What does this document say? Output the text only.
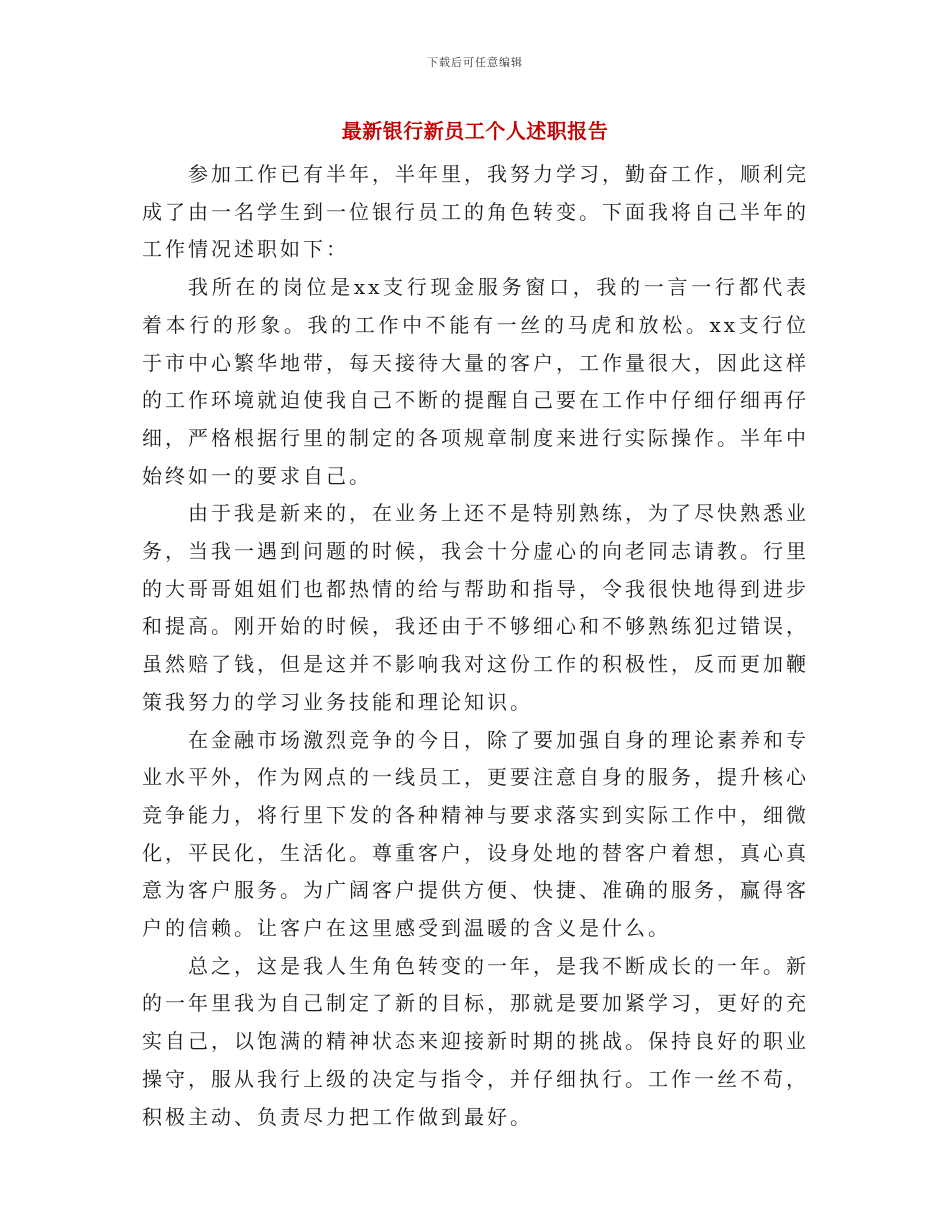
下载后可任意编辑
最新银行新员工个人述职报告

参加工作已有半年，半年里，我努力学习，勤奋工作，顺利完成了由一名学生到一位银行员工的角色转变。下面我将自己半年的工作情况述职如下：

我所在的岗位是xx支行现金服务窗口，我的一言一行都代表着本行的形象。我的工作中不能有一丝的马虎和放松。xx支行位于市中心繁华地带，每天接待大量的客户，工作量很大，因此这样的工作环境就迫使我自己不断的提醒自己要在工作中仔细仔细再仔细，严格根据行里的制定的各项规章制度来进行实际操作。半年中始终如一的要求自己。

由于我是新来的，在业务上还不是特别熟练，为了尽快熟悉业务，当我一遇到问题的时候，我会十分虚心的向老同志请教。行里的大哥哥姐姐们也都热情的给与帮助和指导，令我很快地得到进步和提高。刚开始的时候，我还由于不够细心和不够熟练犯过错误，虽然赔了钱，但是这并不影响我对这份工作的积极性，反而更加鞭策我努力的学习业务技能和理论知识。

在金融市场激烈竞争的今日，除了要加强自身的理论素养和专业水平外，作为网点的一线员工，更要注意自身的服务，提升核心竞争能力，将行里下发的各种精神与要求落实到实际工作中，细微化，平民化，生活化。尊重客户，设身处地的替客户着想，真心真意为客户服务。为广阔客户提供方便、快捷、准确的服务，赢得客户的信赖。让客户在这里感受到温暖的含义是什么。

总之，这是我人生角色转变的一年，是我不断成长的一年。新的一年里我为自己制定了新的目标，那就是要加紧学习，更好的充实自己，以饱满的精神状态来迎接新时期的挑战。保持良好的职业操守，服从我行上级的决定与指令，并仔细执行。工作一丝不苟，积极主动、负责尽力把工作做到最好。
